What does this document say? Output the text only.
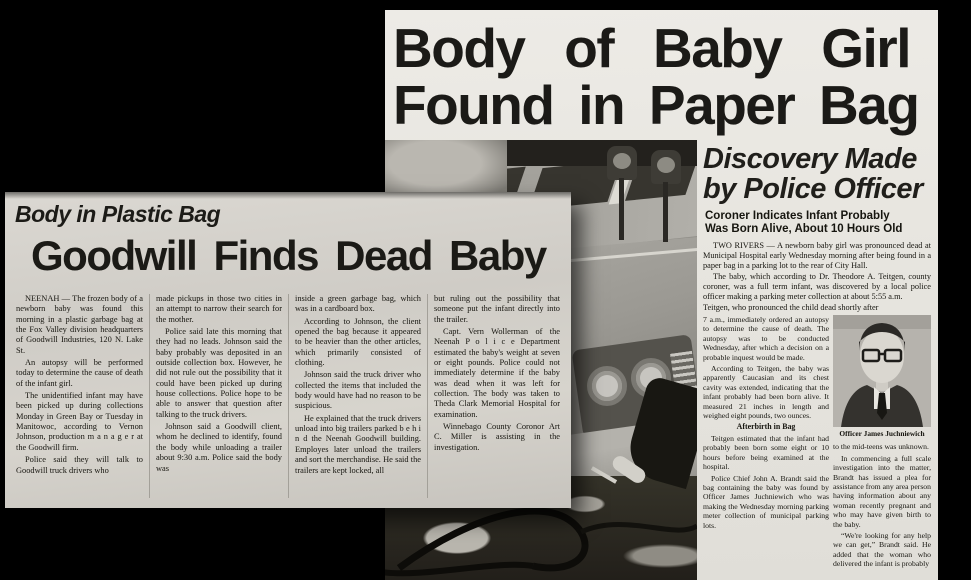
Body of Baby Girl
Found in Paper Bag
Discovery Made
by Police Officer
Coroner Indicates Infant Probably
Was Born Alive, About 10 Hours Old

TWO RIVERS — A newborn baby girl was pronounced dead at Municipal Hospital early Wednesday morning after being found in a paper bag in a parking lot to the rear of City Hall.

The baby, which according to Dr. Theodore A. Teitgen, county coroner, was a full term infant, was discovered by a local police officer making a parking meter collection at about 5:55 a.m.

Teitgen, who pronounced the child dead shortly after

7 a.m., immediately ordered an autopsy to determine the cause of death. The autopsy was to be conducted Wednesday, after which a decision on a probable inquest would be made.

According to Teitgen, the baby was apparently Caucasian and its chest cavity was extended, indicating that the infant probably had been born alive. It measured 21 inches in length and weighed eight pounds, two ounces.

Afterbirth in Bag

Teitgen estimated that the infant had probably been born some eight or 10 hours before being examined at the hospital.

Police Chief John A. Brandt said the bag containing the baby was found by Officer James Juchniewich who was making the Wednesday morning parking meter collection of municipal parking lots.

Officer James Juchniewich

to the mid-teens was unknown.

In commencing a full scale investigation into the matter, Brandt has issued a plea for assistance from any area person having information about any woman recently pregnant and who may have given birth to the baby.

“We're looking for any help we can get,” Brandt said. He added that the woman who delivered the infant is probably

Body in Plastic Bag
Goodwill Finds Dead Baby

NEENAH — The frozen body of a newborn baby was found this morning in a plastic garbage bag at the Fox Valley division headquarters of Goodwill Industries, 120 N. Lake St.

An autopsy will be performed today to determine the cause of death of the infant girl.

The unidentified infant may have been picked up during collections Monday in Green Bay or Tuesday in Manitowoc, according to Vernon Johnson, production m a n a g e r at the Goodwill firm.

Police said they will talk to Goodwill truck drivers who

made pickups in those two cities in an attempt to narrow their search for the mother.

Police said late this morning that they had no leads. Johnson said the baby probably was deposited in an outside collection box. However, he did not rule out the possibility that it could have been picked up during house collections. Police hope to be able to answer that question after talking to the truck drivers.

Johnson said a Goodwill client, whom he declined to identify, found the body while unloading a trailer about 9:30 a.m. Police said the body was

inside a green garbage bag, which was in a cardboard box.

According to Johnson, the client opened the bag because it appeared to be heavier than the other articles, which primarily consisted of clothing.

Johnson said the truck driver who collected the items that included the body would have had no reason to be suspicious.

He explained that the truck drivers unload into big trailers parked b e h i n d the Neenah Goodwill building. Employes later unload the trailers and sort the merchandise. He said the trailers are kept locked, all

but ruling out the possibility that someone put the infant directly into the trailer.

Capt. Vern Wollerman of the Neenah P o l i c e Department estimated the baby's weight at seven or eight pounds. Police could not immediately determine if the baby was dead when it was left for collection. The body was taken to Theda Clark Memorial Hospital for examination.

Winnebago County Coronor Art C. Miller is assisting in the investigation.
